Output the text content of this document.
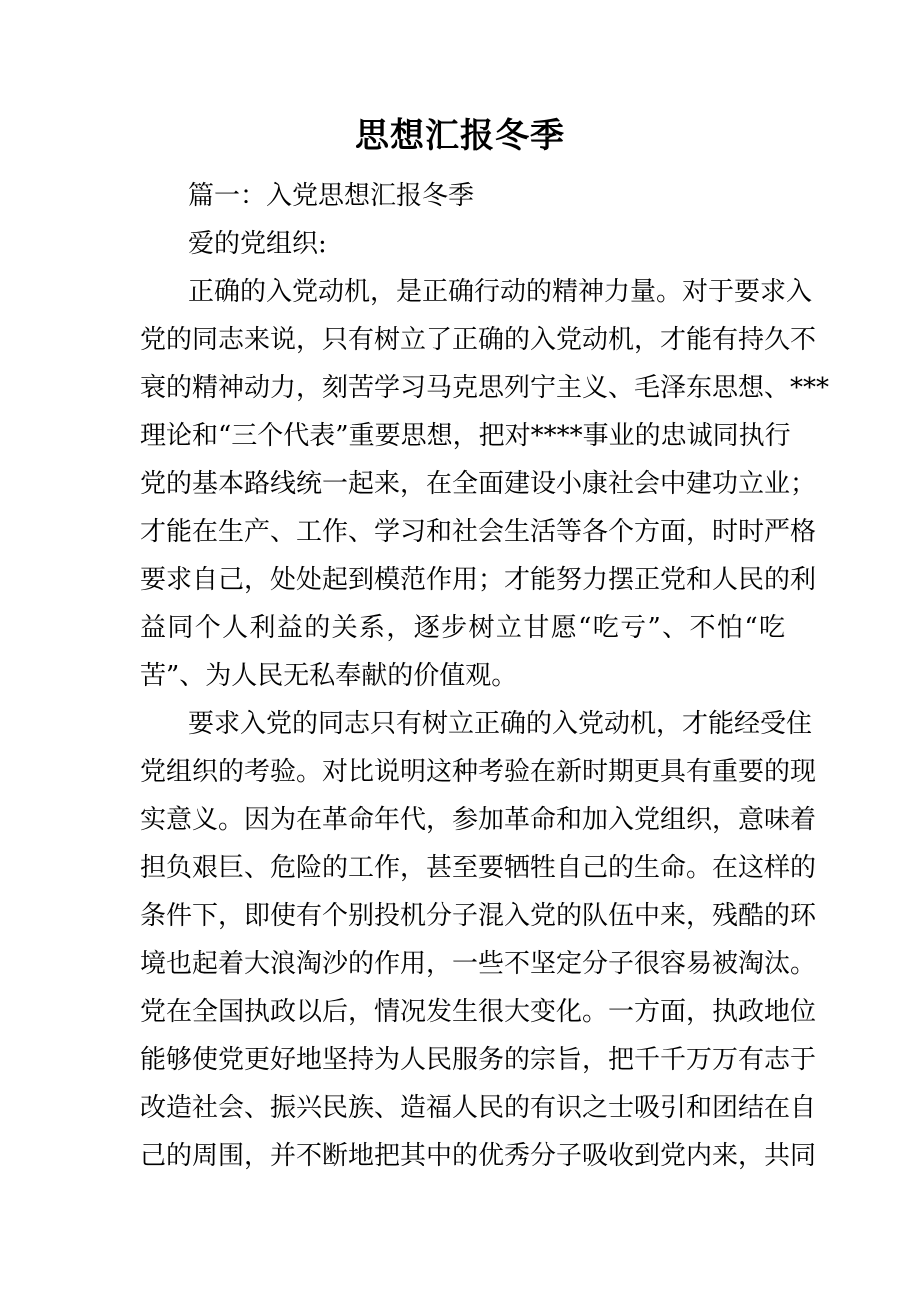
思想汇报冬季
篇一：入党思想汇报冬季
爱的党组织:
正确的入党动机，是正确行动的精神力量。对于要求入
党的同志来说，只有树立了正确的入党动机，才能有持久不
衰的精神动力，刻苦学习马克思列宁主义、毛泽东思想、***
理论和“三个代表”重要思想，把对****事业的忠诚同执行
党的基本路线统一起来，在全面建设小康社会中建功立业；
才能在生产、工作、学习和社会生活等各个方面，时时严格
要求自己，处处起到模范作用；才能努力摆正党和人民的利
益同个人利益的关系，逐步树立甘愿“吃亏”、不怕“吃
苦”、为人民无私奉献的价值观。
要求入党的同志只有树立正确的入党动机，才能经受住
党组织的考验。对比说明这种考验在新时期更具有重要的现
实意义。因为在革命年代，参加革命和加入党组织，意味着
担负艰巨、危险的工作，甚至要牺牲自己的生命。在这样的
条件下，即使有个别投机分子混入党的队伍中来，残酷的环
境也起着大浪淘沙的作用，一些不坚定分子很容易被淘汰。
党在全国执政以后，情况发生很大变化。一方面，执政地位
能够使党更好地坚持为人民服务的宗旨，把千千万万有志于
改造社会、振兴民族、造福人民的有识之士吸引和团结在自
己的周围，并不断地把其中的优秀分子吸收到党内来，共同
